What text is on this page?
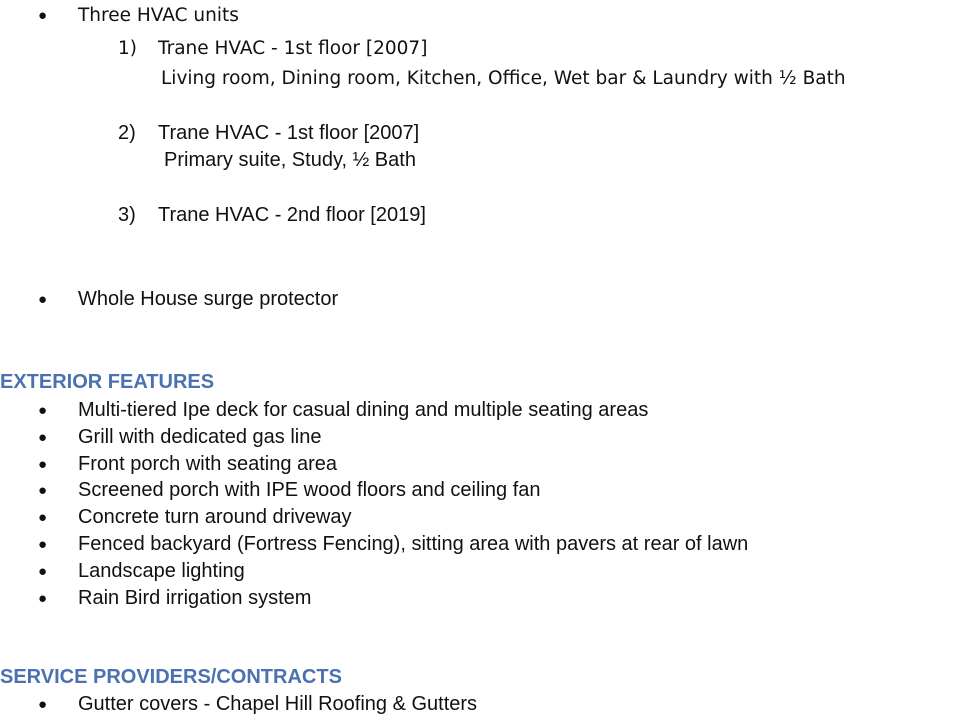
● Three HVAC units
1) Trane HVAC - 1st floor [2007]
Living room, Dining room, Kitchen, Office, Wet bar & Laundry with ½ Bath
2) Trane HVAC - 1st floor [2007]
Primary suite, Study, ½ Bath
3) Trane HVAC - 2nd floor [2019]
● Whole House surge protector
EXTERIOR FEATURES
● Multi-tiered Ipe deck for casual dining and multiple seating areas
● Grill with dedicated gas line
● Front porch with seating area
● Screened porch with IPE wood floors and ceiling fan
● Concrete turn around driveway
● Fenced backyard (Fortress Fencing), sitting area with pavers at rear of lawn
● Landscape lighting
● Rain Bird irrigation system
SERVICE PROVIDERS/CONTRACTS
● Gutter covers - Chapel Hill Roofing & Gutters
